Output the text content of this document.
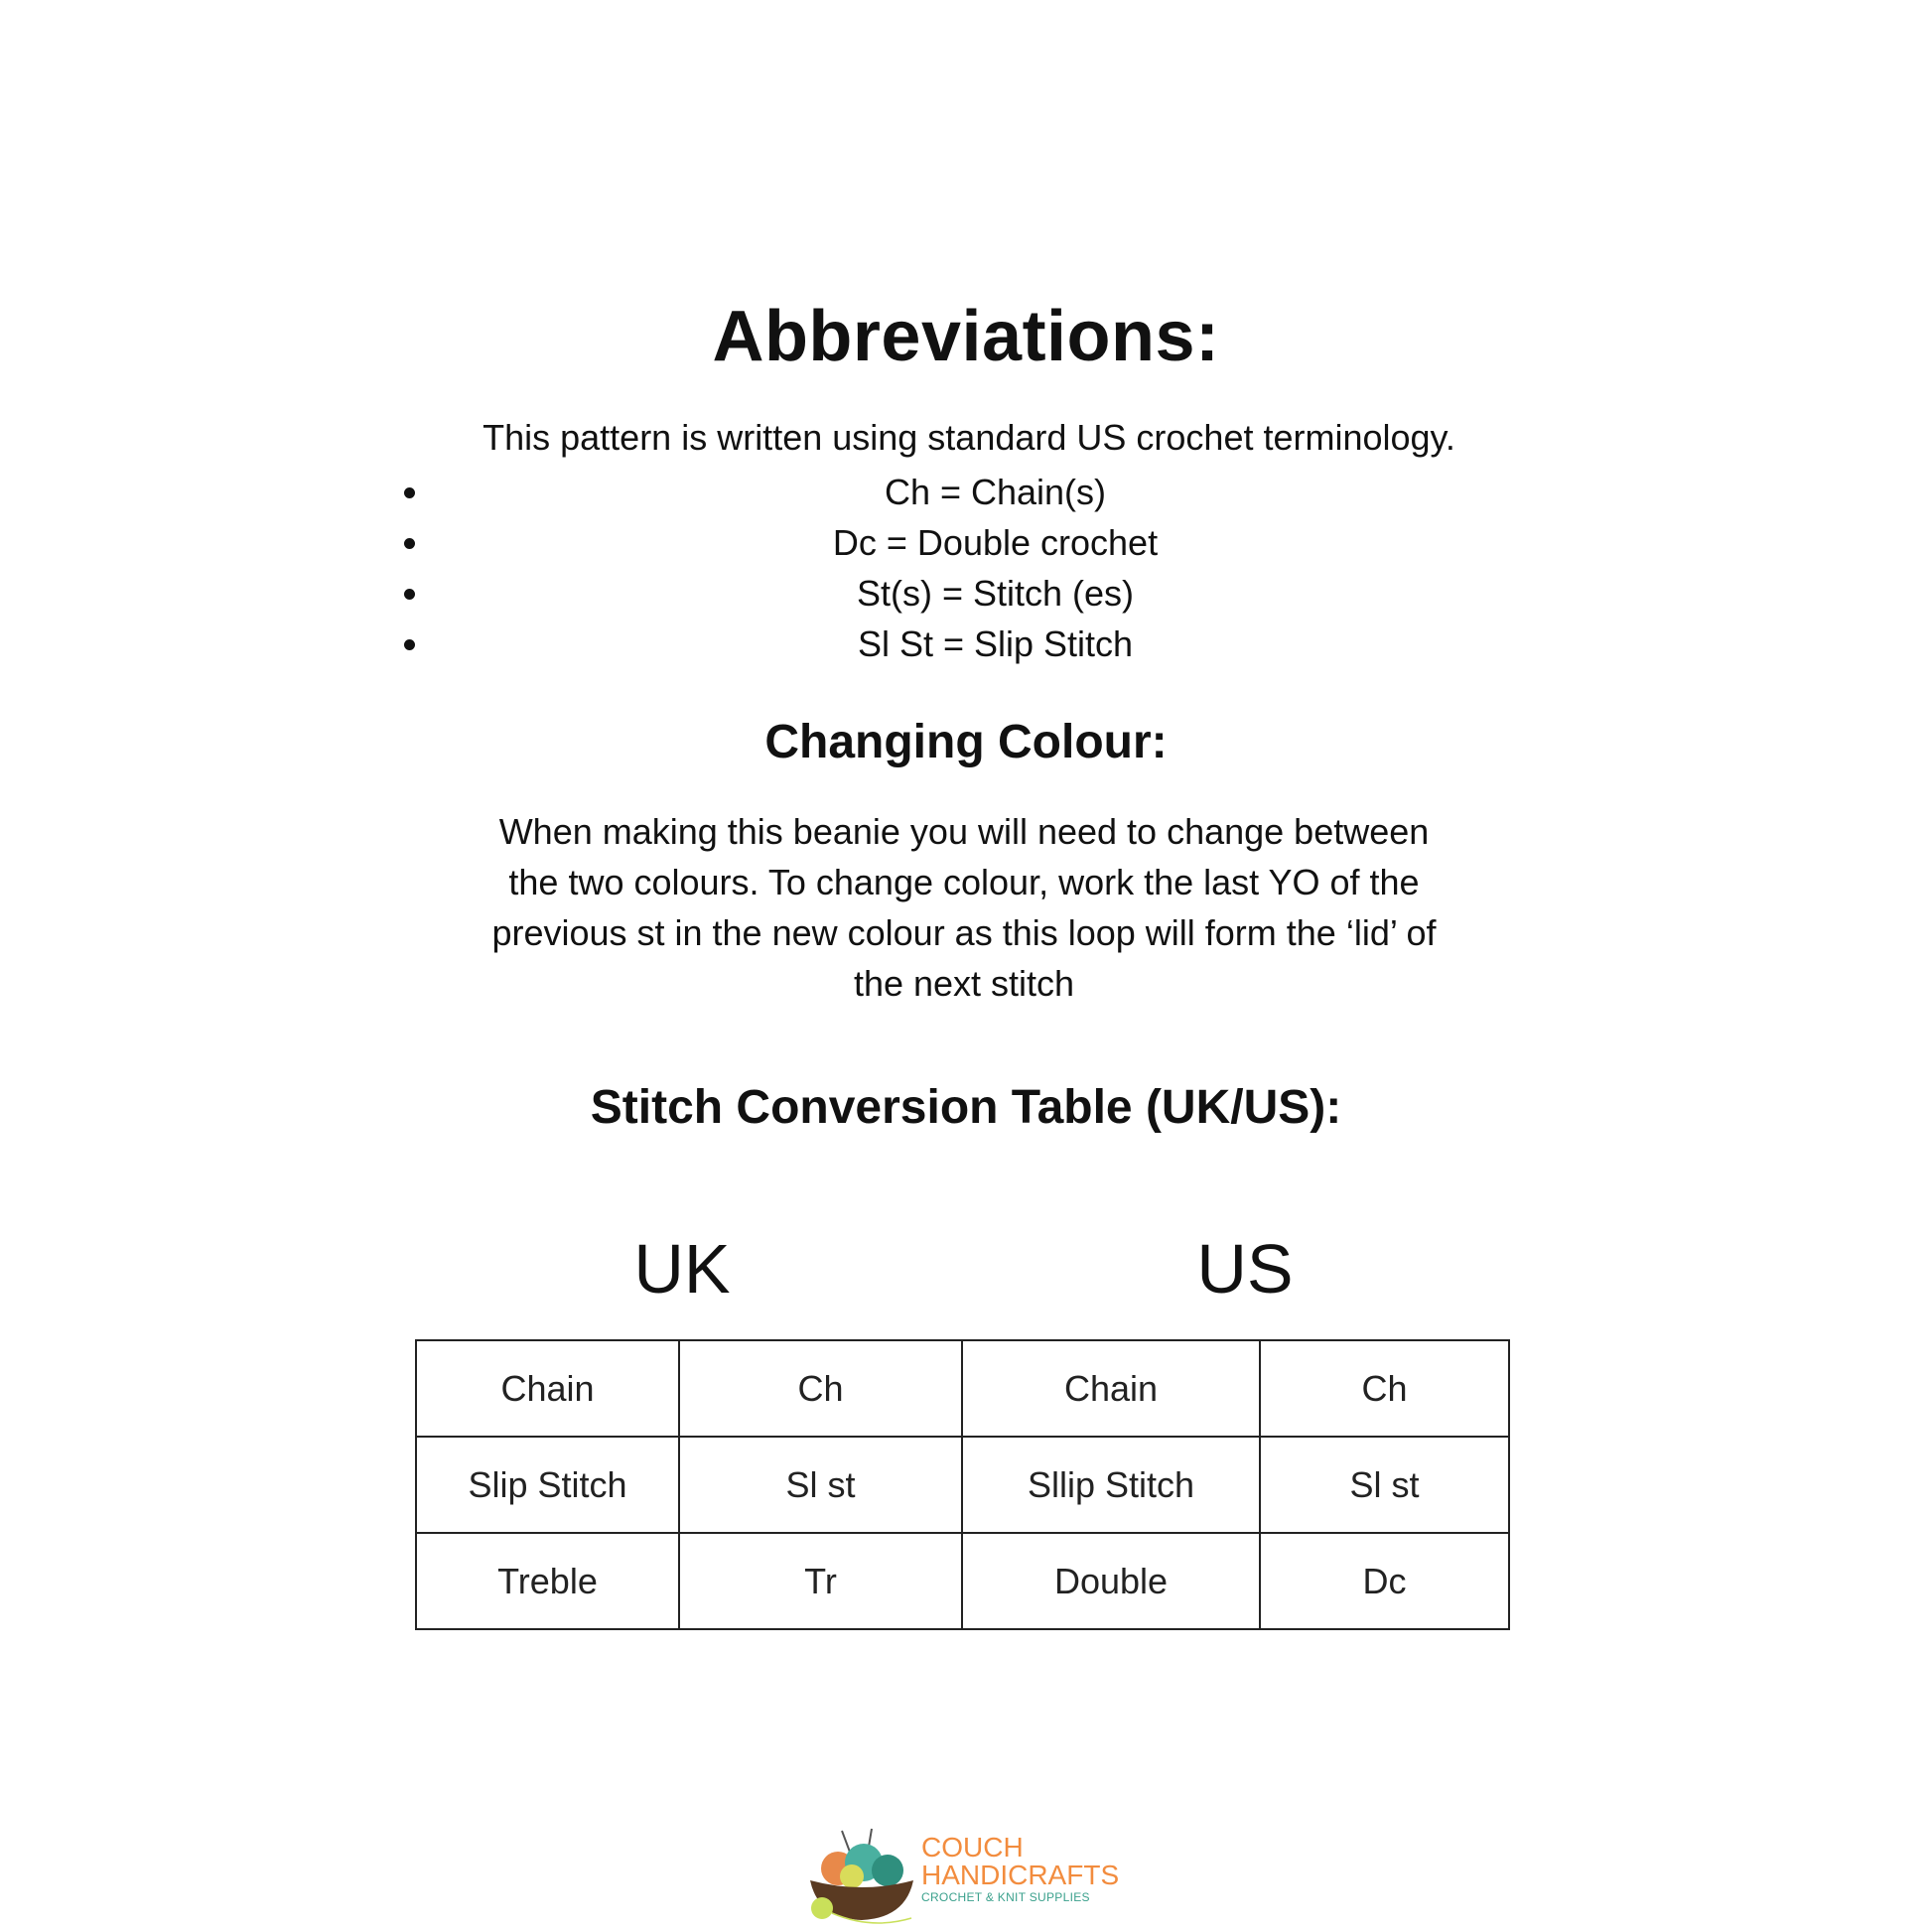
Abbreviations:

This pattern is written using standard US crochet terminology.

Ch = Chain(s)
Dc = Double crochet
St(s) = Stitch (es)
Sl St = Slip Stitch
Changing Colour:

When making this beanie you will need to change between
the two colours. To change colour, work the last YO of the
previous st in the new colour as this loop will form the ‘lid’ of
the next stitch

Stitch Conversion Table (UK/US):
UK	US
Chain	Ch	Chain	Ch
Slip Stitch	Sl st	Sllip Stitch	Sl st
Treble	Tr	Double	Dc
COUCH
HANDICRAFTS
CROCHET & KNIT SUPPLIES
